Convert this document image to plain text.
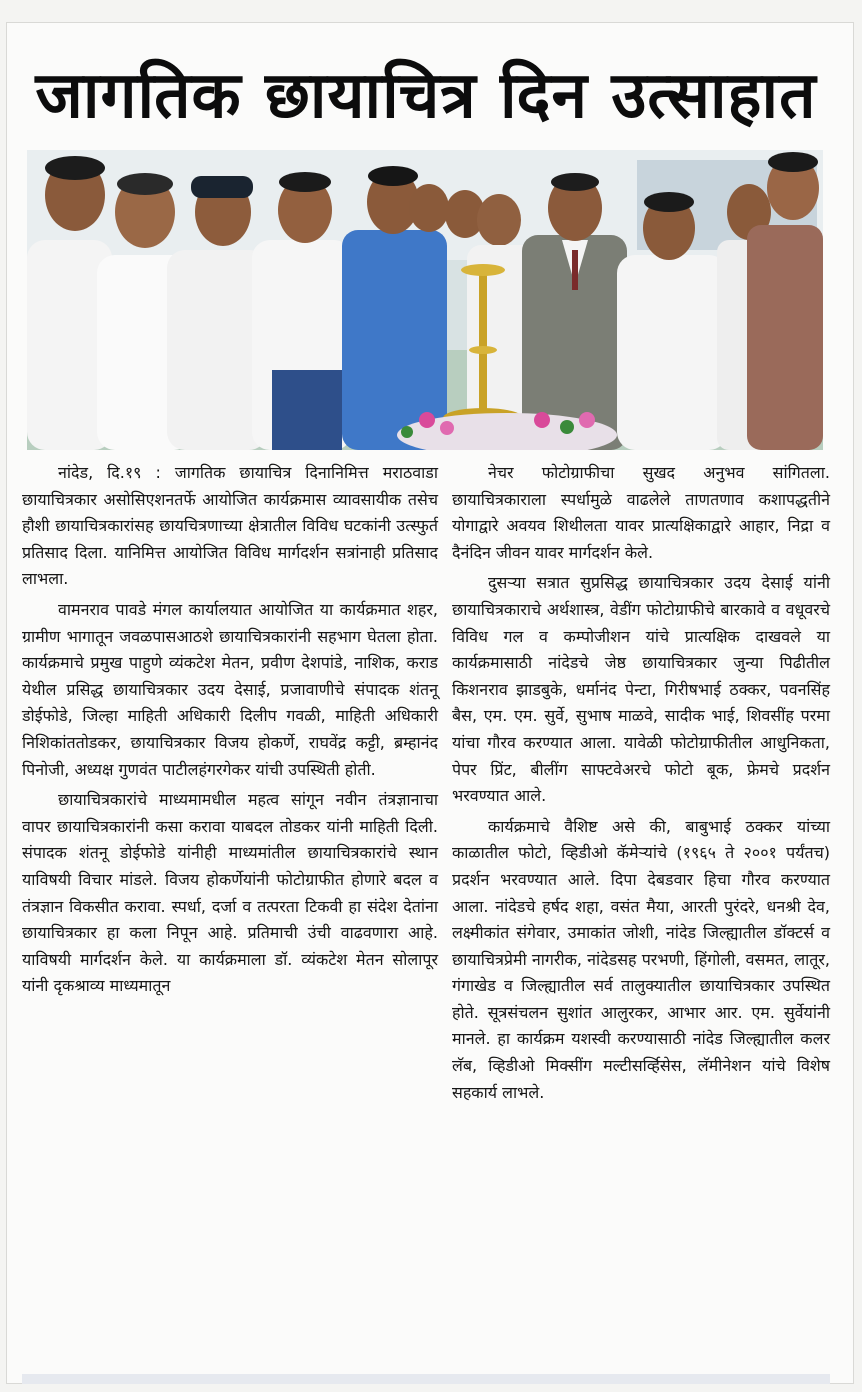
जागतिक छायाचित्र दिन उत्साहात

नांदेड, दि.१९ : जागतिक छायाचित्र दिनानिमित्त मराठवाडा छायाचित्रकार असोसिएशनतर्फे आयोजित कार्यक्रमास व्यावसायीक तसेच हौशी छायाचित्रकारांसह छायचित्रणाच्या क्षेत्रातील विविध घटकांनी उत्स्फुर्त प्रतिसाद दिला. यानिमित्त आयोजित विविध मार्गदर्शन सत्रांनाही प्रतिसाद लाभला.

वामनराव पावडे मंगल कार्यालयात आयोजित या कार्यक्रमात शहर, ग्रामीण भागातून जवळपासआठशे छायाचित्रकारांनी सहभाग घेतला होता. कार्यक्रमाचे प्रमुख पाहुणे व्यंकटेश मेतन, प्रवीण देशपांडे, नाशिक, कराड येथील प्रसिद्ध छायाचित्रकार उदय देसाई, प्रजावाणीचे संपादक शंतनू डोईफोडे, जिल्हा माहिती अधिकारी दिलीप गवळी, माहिती अधिकारी निशिकांततोडकर, छायाचित्रकार विजय होकर्णे, राघवेंद्र कट्टी, ब्रम्हानंद पिनोजी, अध्यक्ष गुणवंत पाटीलहंगरगेकर यांची उपस्थिती होती.

छायाचित्रकारांचे माध्यमामधील महत्व सांगून नवीन तंत्रज्ञानाचा वापर छायाचित्रकारांनी कसा करावा याबदल तोडकर यांनी माहिती दिली. संपादक शंतनू डोईफोडे यांनीही माध्यमांतील छायाचित्रकारांचे स्थान याविषयी विचार मांडले. विजय होकर्णेयांनी फोटोग्राफीत होणारे बदल व तंत्रज्ञान विकसीत करावा. स्पर्धा, दर्जा व तत्परता टिकवी हा संदेश देतांना छायाचित्रकार हा कला निपून आहे. प्रतिमाची उंची वाढवणारा आहे. याविषयी मार्गदर्शन केले. या कार्यक्रमाला डॉ. व्यंकटेश मेतन सोलापूर यांनी दृकश्राव्य माध्यमातून

नेचर फोटोग्राफीचा सुखद अनुभव सांगितला. छायाचित्रकाराला स्पर्धामुळे वाढलेले ताणतणाव कशापद्धतीने योगाद्वारे अवयव शिथीलता यावर प्रात्यक्षिकाद्वारे आहार, निद्रा व दैनंदिन जीवन यावर मार्गदर्शन केले.

दुसऱ्या सत्रात सुप्रसिद्ध छायाचित्रकार उदय देसाई यांनी छायाचित्रकाराचे अर्थशास्त्र, वेडींग फोटोग्राफीचे बारकावे व वधूवरचे विविध गल व कम्पोजीशन यांचे प्रात्यक्षिक दाखवले या कार्यक्रमासाठी नांदेडचे जेष्ठ छायाचित्रकार जुन्या पिढीतील किशनराव झाडबुके, धर्मानंद पेन्टा, गिरीषभाई ठक्कर, पवनसिंह बैस, एम. एम. सुर्वे, सुभाष माळवे, सादीक भाई, शिवसींह परमा यांचा गौरव करण्यात आला. यावेळी फोटोग्राफीतील आधुनिकता, पेपर प्रिंट, बीलींग साफ्टवेअरचे फोटो बूक, फ्रेमचे प्रदर्शन भरवण्यात आले.

कार्यक्रमाचे वैशिष्ट असे की, बाबुभाई ठक्कर यांच्या काळातील फोटो, व्हिडीओ कॅमेऱ्यांचे (१९६५ ते २००१ पर्यंतच) प्रदर्शन भरवण्यात आले. दिपा देबडवार हिचा गौरव करण्यात आला. नांदेडचे हर्षद शहा, वसंत मैया, आरती पुरंदरे, धनश्री देव, लक्ष्मीकांत संगेवार, उमाकांत जोशी, नांदेड जिल्ह्यातील डॉक्टर्स व छायाचित्रप्रेमी नागरीक, नांदेडसह परभणी, हिंगोली, वसमत, लातूर, गंगाखेड व जिल्ह्यातील सर्व तालुक्यातील छायाचित्रकार उपस्थित होते. सूत्रसंचलन सुशांत आलुरकर, आभार आर. एम. सुर्वेयांनी मानले. हा कार्यक्रम यशस्वी करण्यासाठी नांदेड जिल्ह्यातील कलर लॅब, व्हिडीओ मिक्सींग मल्टीसर्व्हिसेस, लॅमीनेशन यांचे विशेष सहकार्य लाभले.
